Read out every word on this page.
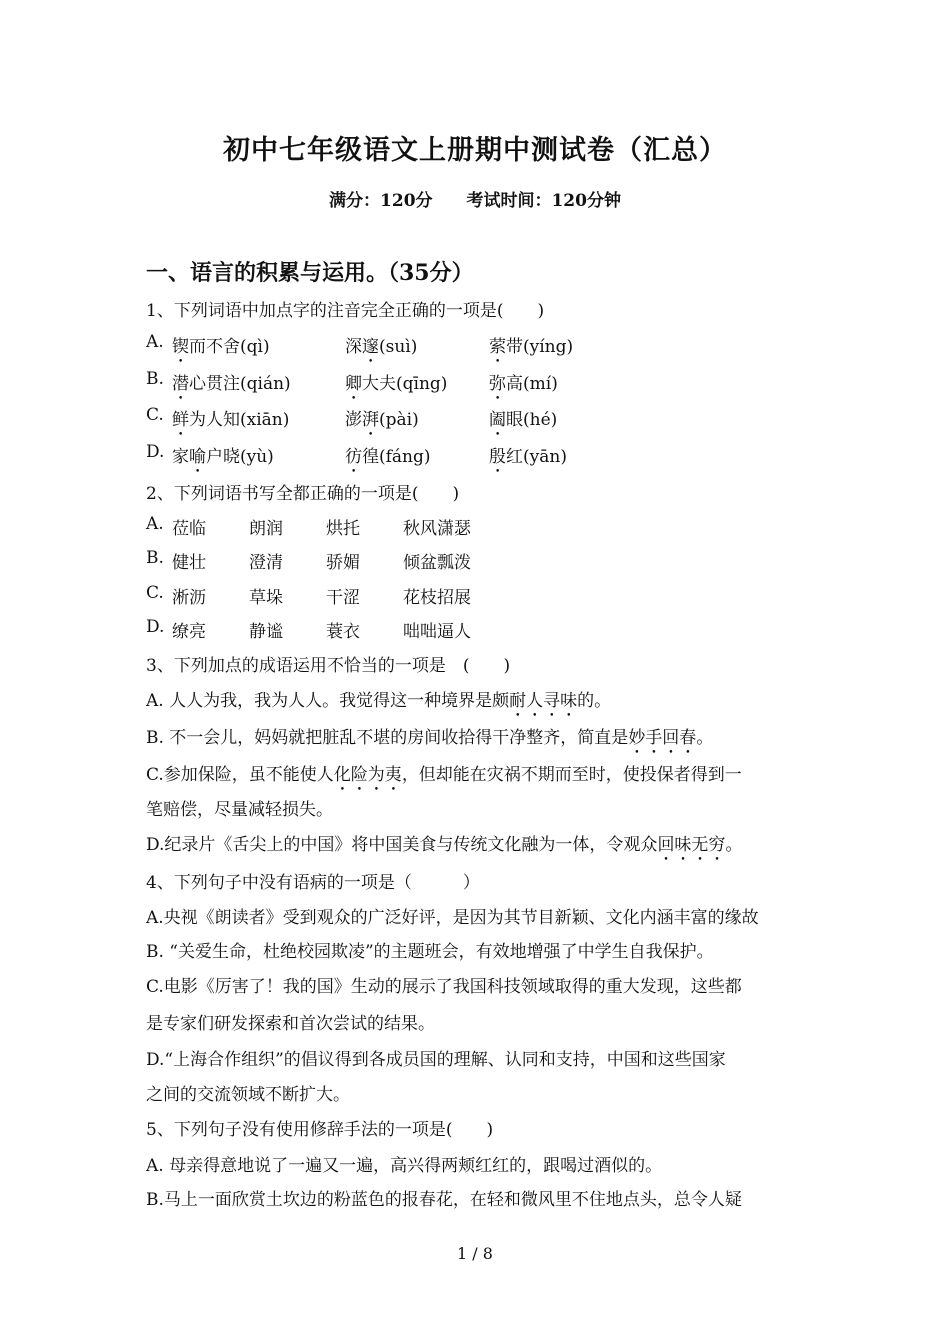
初中七年级语文上册期中测试卷（汇总）
满分：120分 考试时间：120分钟
一、语言的积累与运用。（35分）
1、下列词语中加点字的注音完全正确的一项是(　　)
A. 锲而不舍(qì)	深邃(suì)	萦带(yíng)
B. 潜心贯注(qián)	卿大夫(qīng) 弥高(mí)
C. 鲜为人知(xiān)	澎湃(pài)	阖眼(hé)
D. 家喻户晓(yù)	彷徨(fáng)	殷红(yān)
2、下列词语书写全都正确的一项是(　　)
A. 莅临	朗润	烘托	秋风潇瑟
B. 健壮	澄清	骄媚	倾盆瓢泼
C. 淅沥	草垛	干涩	花枝招展
D. 缭亮	静谧	蓑衣	咄咄逼人
3、下列加点的成语运用不恰当的一项是　(　　)
A. 人人为我，我为人人。我觉得这一种境界是颇耐人寻味的。
B. 不一会儿，妈妈就把脏乱不堪的房间收拾得干净整齐，简直是妙手回春。
C.参加保险，虽不能使人化险为夷，但却能在灾祸不期而至时，使投保者得到一
笔赔偿，尽量减轻损失。
D.纪录片《舌尖上的中国》将中国美食与传统文化融为一体，令观众回味无穷。
4、下列句子中没有语病的一项是（　　　）
A.央视《朗读者》受到观众的广泛好评，是因为其节目新颖、文化内涵丰富的缘故
B. “关爱生命，杜绝校园欺凌”的主题班会，有效地增强了中学生自我保护。
C.电影《厉害了！我的国》生动的展示了我国科技领域取得的重大发现，这些都
是专家们研发探索和首次尝试的结果。
D.“上海合作组织”的倡议得到各成员国的理解、认同和支持，中国和这些国家
之间的交流领域不断扩大。
5、下列句子没有使用修辞手法的一项是(　　)
A. 母亲得意地说了一遍又一遍，高兴得两颊红红的，跟喝过酒似的。
B.马上一面欣赏土坎边的粉蓝色的报春花，在轻和微风里不住地点头，总令人疑
1 / 8
